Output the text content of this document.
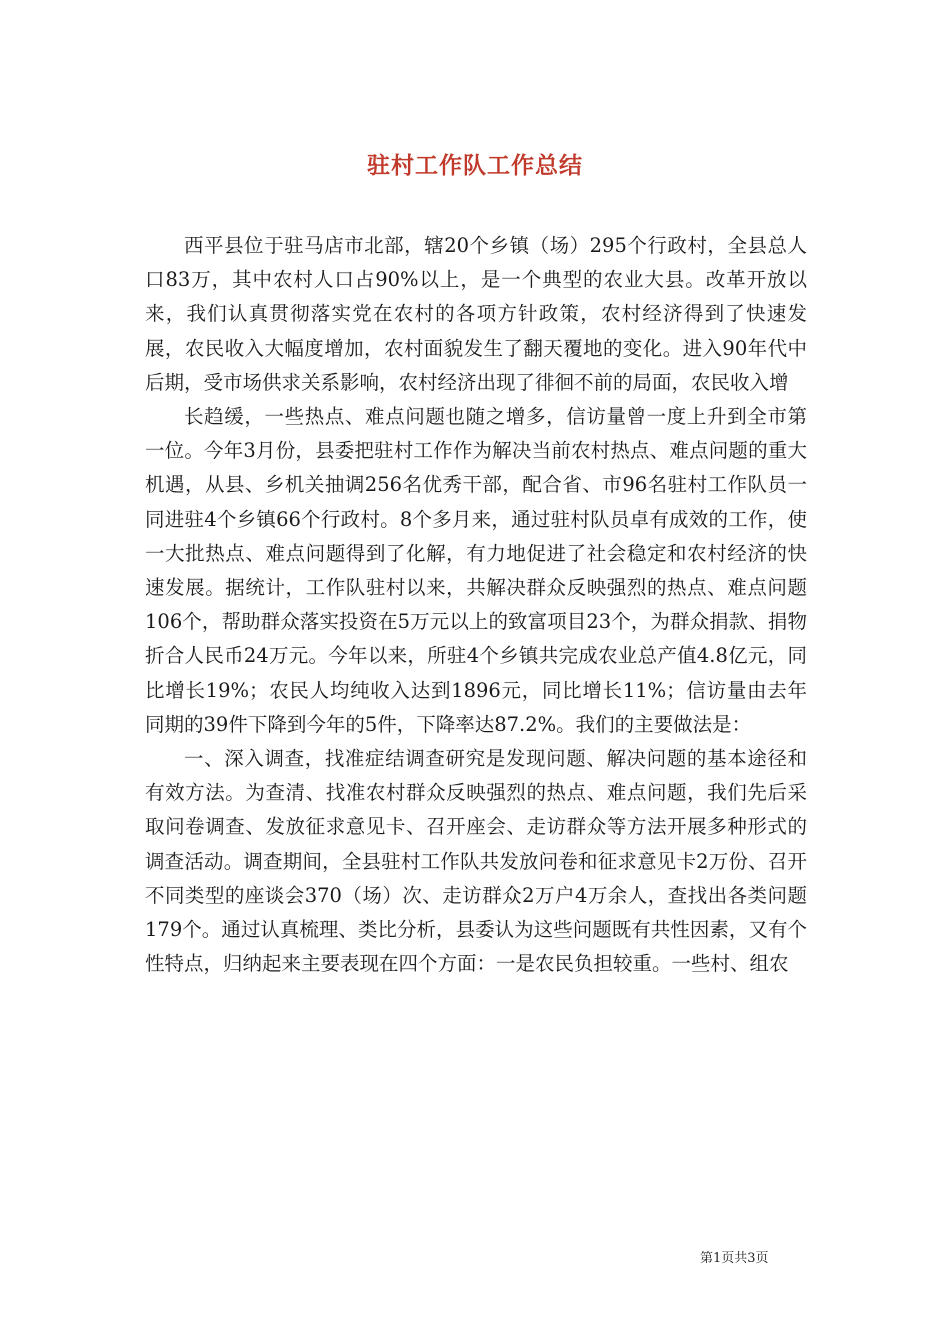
驻村工作队工作总结

西平县位于驻马店市北部，辖20个乡镇（场）295个行政村，全县总人口83万，其中农村人口占90%以上，是一个典型的农业大县。改革开放以来，我们认真贯彻落实党在农村的各项方针政策，农村经济得到了快速发展，农民收入大幅度增加，农村面貌发生了翻天覆地的变化。进入90年代中后期，受市场供求关系影响，农村经济出现了徘徊不前的局面，农民收入增

长趋缓，一些热点、难点问题也随之增多，信访量曾一度上升到全市第一位。今年3月份，县委把驻村工作作为解决当前农村热点、难点问题的重大机遇，从县、乡机关抽调256名优秀干部，配合省、市96名驻村工作队员一同进驻4个乡镇66个行政村。8个多月来，通过驻村队员卓有成效的工作，使一大批热点、难点问题得到了化解，有力地促进了社会稳定和农村经济的快速发展。据统计，工作队驻村以来，共解决群众反映强烈的热点、难点问题106个，帮助群众落实投资在5万元以上的致富项目23个，为群众捐款、捐物折合人民币24万元。今年以来，所驻4个乡镇共完成农业总产值4.8亿元，同比增长19%；农民人均纯收入达到1896元，同比增长11%；信访量由去年同期的39件下降到今年的5件，下降率达87.2%。我们的主要做法是：

一、深入调查，找准症结调查研究是发现问题、解决问题的基本途径和有效方法。为查清、找准农村群众反映强烈的热点、难点问题，我们先后采取问卷调查、发放征求意见卡、召开座会、走访群众等方法开展多种形式的调查活动。调查期间，全县驻村工作队共发放问卷和征求意见卡2万份、召开不同类型的座谈会370（场）次、走访群众2万户4万余人，查找出各类问题179个。通过认真梳理、类比分析，县委认为这些问题既有共性因素，又有个性特点，归纳起来主要表现在四个方面：一是农民负担较重。一些村、组农

第1页共3页
